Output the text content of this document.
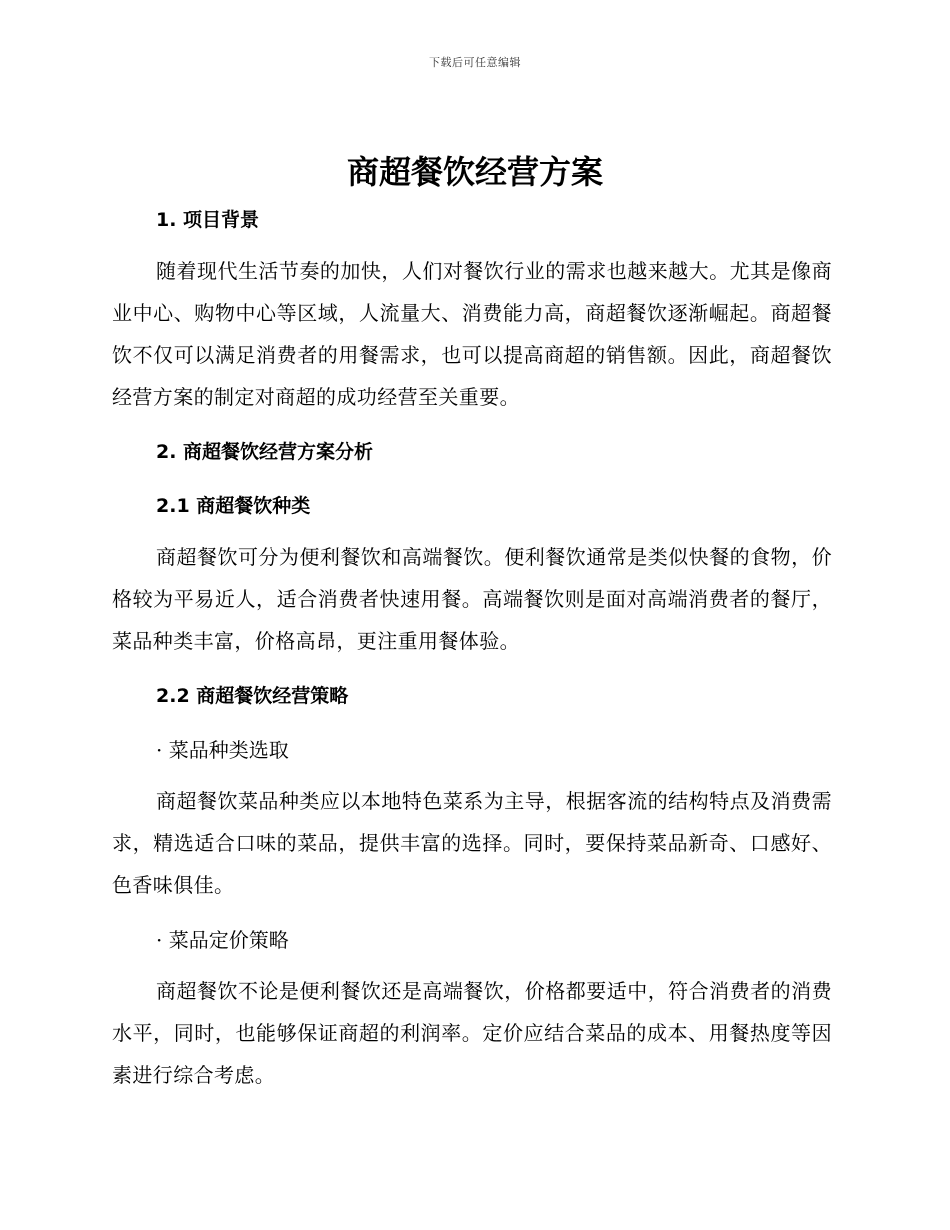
下载后可任意编辑
商超餐饮经营方案

1. 项目背景

随着现代生活节奏的加快，人们对餐饮行业的需求也越来越大。尤其是像商业中心、购物中心等区域，人流量大、消费能力高，商超餐饮逐渐崛起。商超餐饮不仅可以满足消费者的用餐需求，也可以提高商超的销售额。因此，商超餐饮经营方案的制定对商超的成功经营至关重要。

2. 商超餐饮经营方案分析

2.1 商超餐饮种类

商超餐饮可分为便利餐饮和高端餐饮。便利餐饮通常是类似快餐的食物，价格较为平易近人，适合消费者快速用餐。高端餐饮则是面对高端消费者的餐厅，菜品种类丰富，价格高昂，更注重用餐体验。

2.2 商超餐饮经营策略

· 菜品种类选取

商超餐饮菜品种类应以本地特色菜系为主导，根据客流的结构特点及消费需求，精选适合口味的菜品，提供丰富的选择。同时，要保持菜品新奇、口感好、色香味俱佳。

· 菜品定价策略

商超餐饮不论是便利餐饮还是高端餐饮，价格都要适中，符合消费者的消费水平，同时，也能够保证商超的利润率。定价应结合菜品的成本、用餐热度等因素进行综合考虑。
